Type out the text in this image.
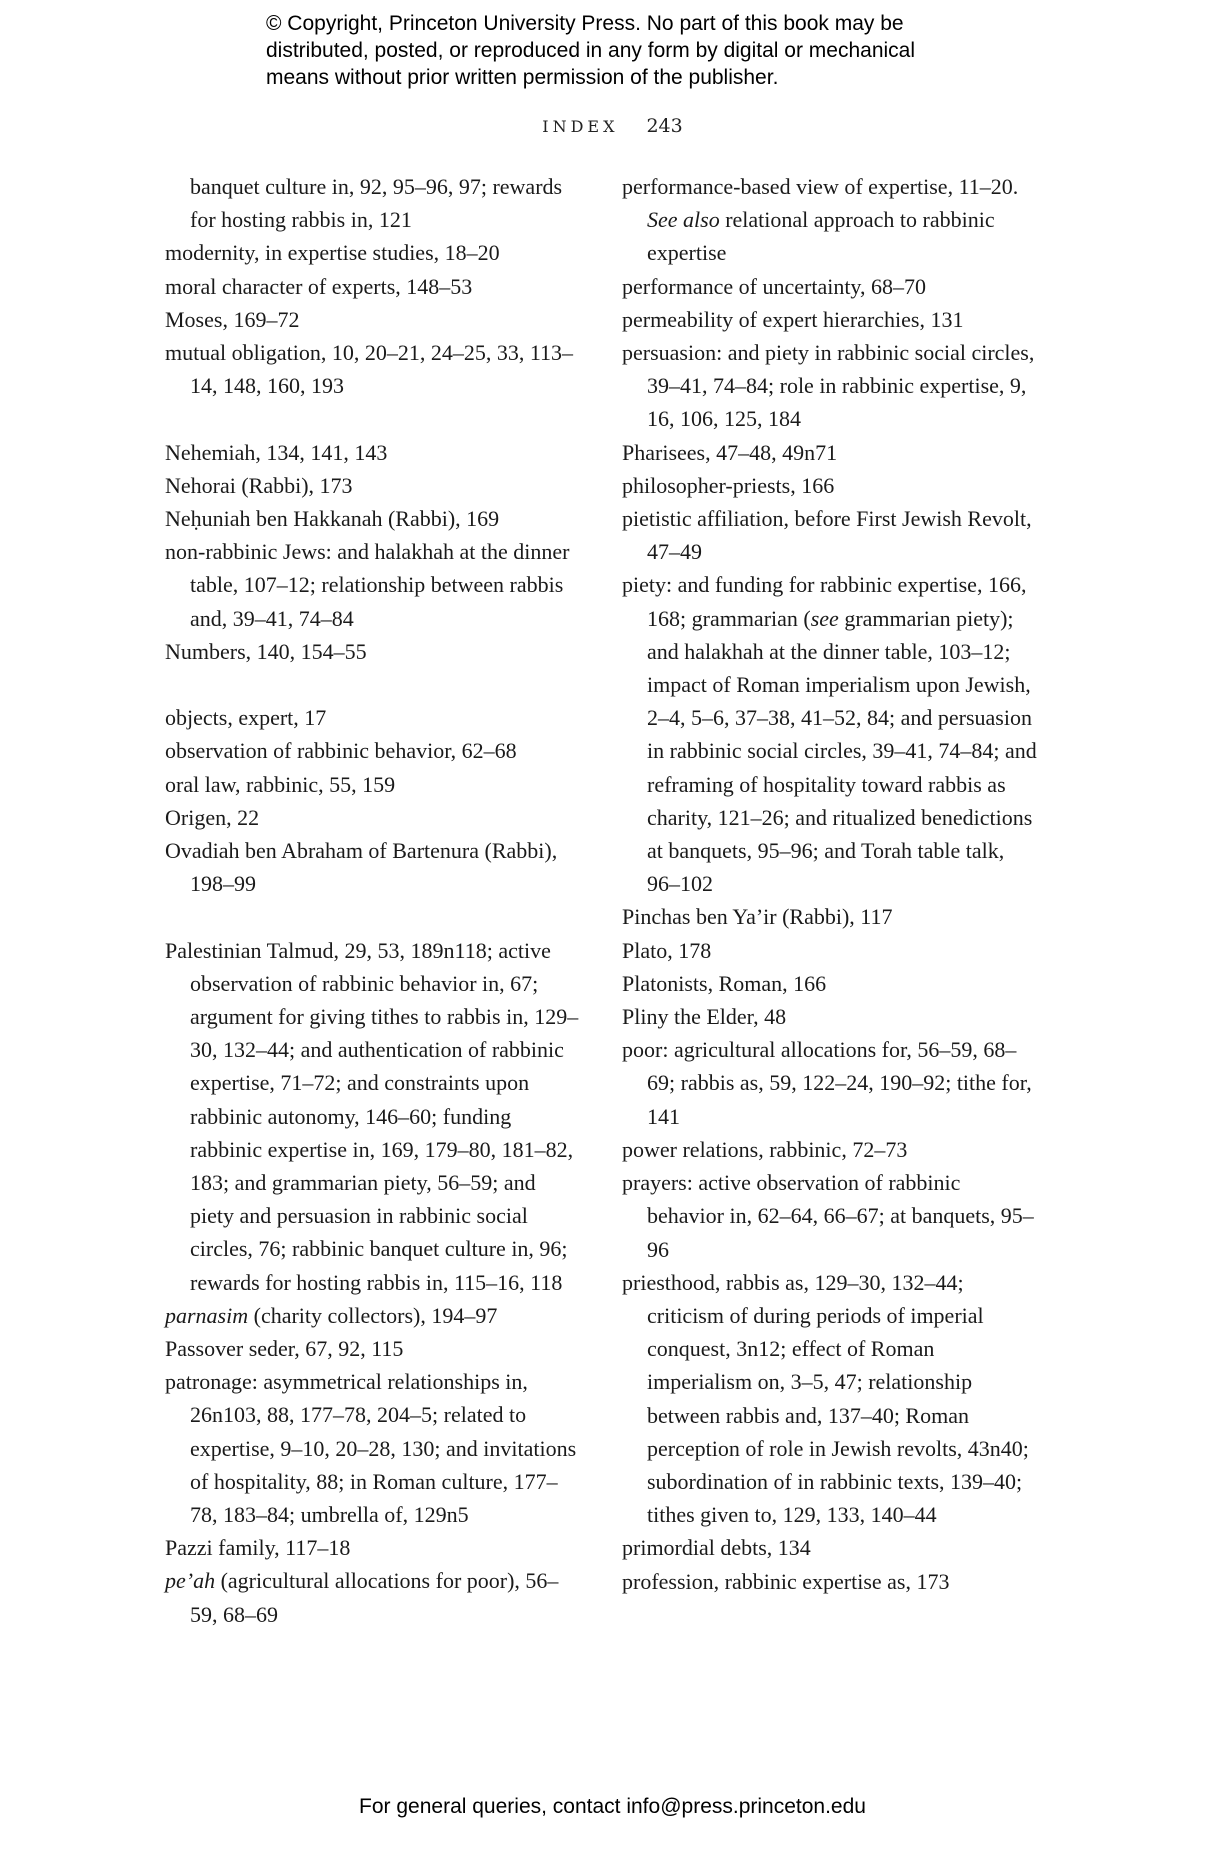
© Copyright, Princeton University Press. No part of this book may be
distributed, posted, or reproduced in any form by digital or mechanical
means without prior written permission of the publisher.
INDEX 243

banquet culture in, 92, 95–96, 97; rewards for hosting rabbis in, 121

modernity, in expertise studies, 18–20

moral character of experts, 148–53

Moses, 169–72

mutual obligation, 10, 20–21, 24–25, 33, 113–14, 148, 160, 193

Nehemiah, 134, 141, 143

Nehorai (Rabbi), 173

Neḥuniah ben Hakkanah (Rabbi), 169

non-rabbinic Jews: and halakhah at the dinner table, 107–12; relationship between rabbis and, 39–41, 74–84

Numbers, 140, 154–55

objects, expert, 17

observation of rabbinic behavior, 62–68

oral law, rabbinic, 55, 159

Origen, 22

Ovadiah ben Abraham of Bartenura (Rabbi), 198–99

Palestinian Talmud, 29, 53, 189n118; active observation of rabbinic behavior in, 67; argument for giving tithes to rabbis in, 129–30, 132–44; and authentication of rabbinic expertise, 71–72; and constraints upon rabbinic autonomy, 146–60; funding rabbinic expertise in, 169, 179–80, 181–82, 183; and grammarian piety, 56–59; and piety and persuasion in rabbinic social circles, 76; rabbinic banquet culture in, 96; rewards for hosting rabbis in, 115–16, 118

parnasim (charity collectors), 194–97

Passover seder, 67, 92, 115

patronage: asymmetrical relationships in, 26n103, 88, 177–78, 204–5; related to expertise, 9–10, 20–28, 130; and invitations of hospitality, 88; in Roman culture, 177–78, 183–84; umbrella of, 129n5

Pazzi family, 117–18

pe’ah (agricultural allocations for poor), 56–59, 68–69

performance-based view of expertise, 11–20. See also relational approach to rabbinic expertise

performance of uncertainty, 68–70

permeability of expert hierarchies, 131

persuasion: and piety in rabbinic social circles, 39–41, 74–84; role in rabbinic expertise, 9, 16, 106, 125, 184

Pharisees, 47–48, 49n71

philosopher-priests, 166

pietistic affiliation, before First Jewish Revolt, 47–49

piety: and funding for rabbinic expertise, 166, 168; grammarian (see grammarian piety); and halakhah at the dinner table, 103–12; impact of Roman imperialism upon Jewish, 2–4, 5–6, 37–38, 41–52, 84; and persuasion in rabbinic social circles, 39–41, 74–84; and reframing of hospitality toward rabbis as charity, 121–26; and ritualized benedictions at banquets, 95–96; and Torah table talk, 96–102

Pinchas ben Ya’ir (Rabbi), 117

Plato, 178

Platonists, Roman, 166

Pliny the Elder, 48

poor: agricultural allocations for, 56–59, 68–69; rabbis as, 59, 122–24, 190–92; tithe for, 141

power relations, rabbinic, 72–73

prayers: active observation of rabbinic behavior in, 62–64, 66–67; at banquets, 95–96

priesthood, rabbis as, 129–30, 132–44; criticism of during periods of imperial conquest, 3n12; effect of Roman imperialism on, 3–5, 47; relationship between rabbis and, 137–40; Roman perception of role in Jewish revolts, 43n40; subordination of in rabbinic texts, 139–40; tithes given to, 129, 133, 140–44

primordial debts, 134

profession, rabbinic expertise as, 173

For general queries, contact info@press.princeton.edu
